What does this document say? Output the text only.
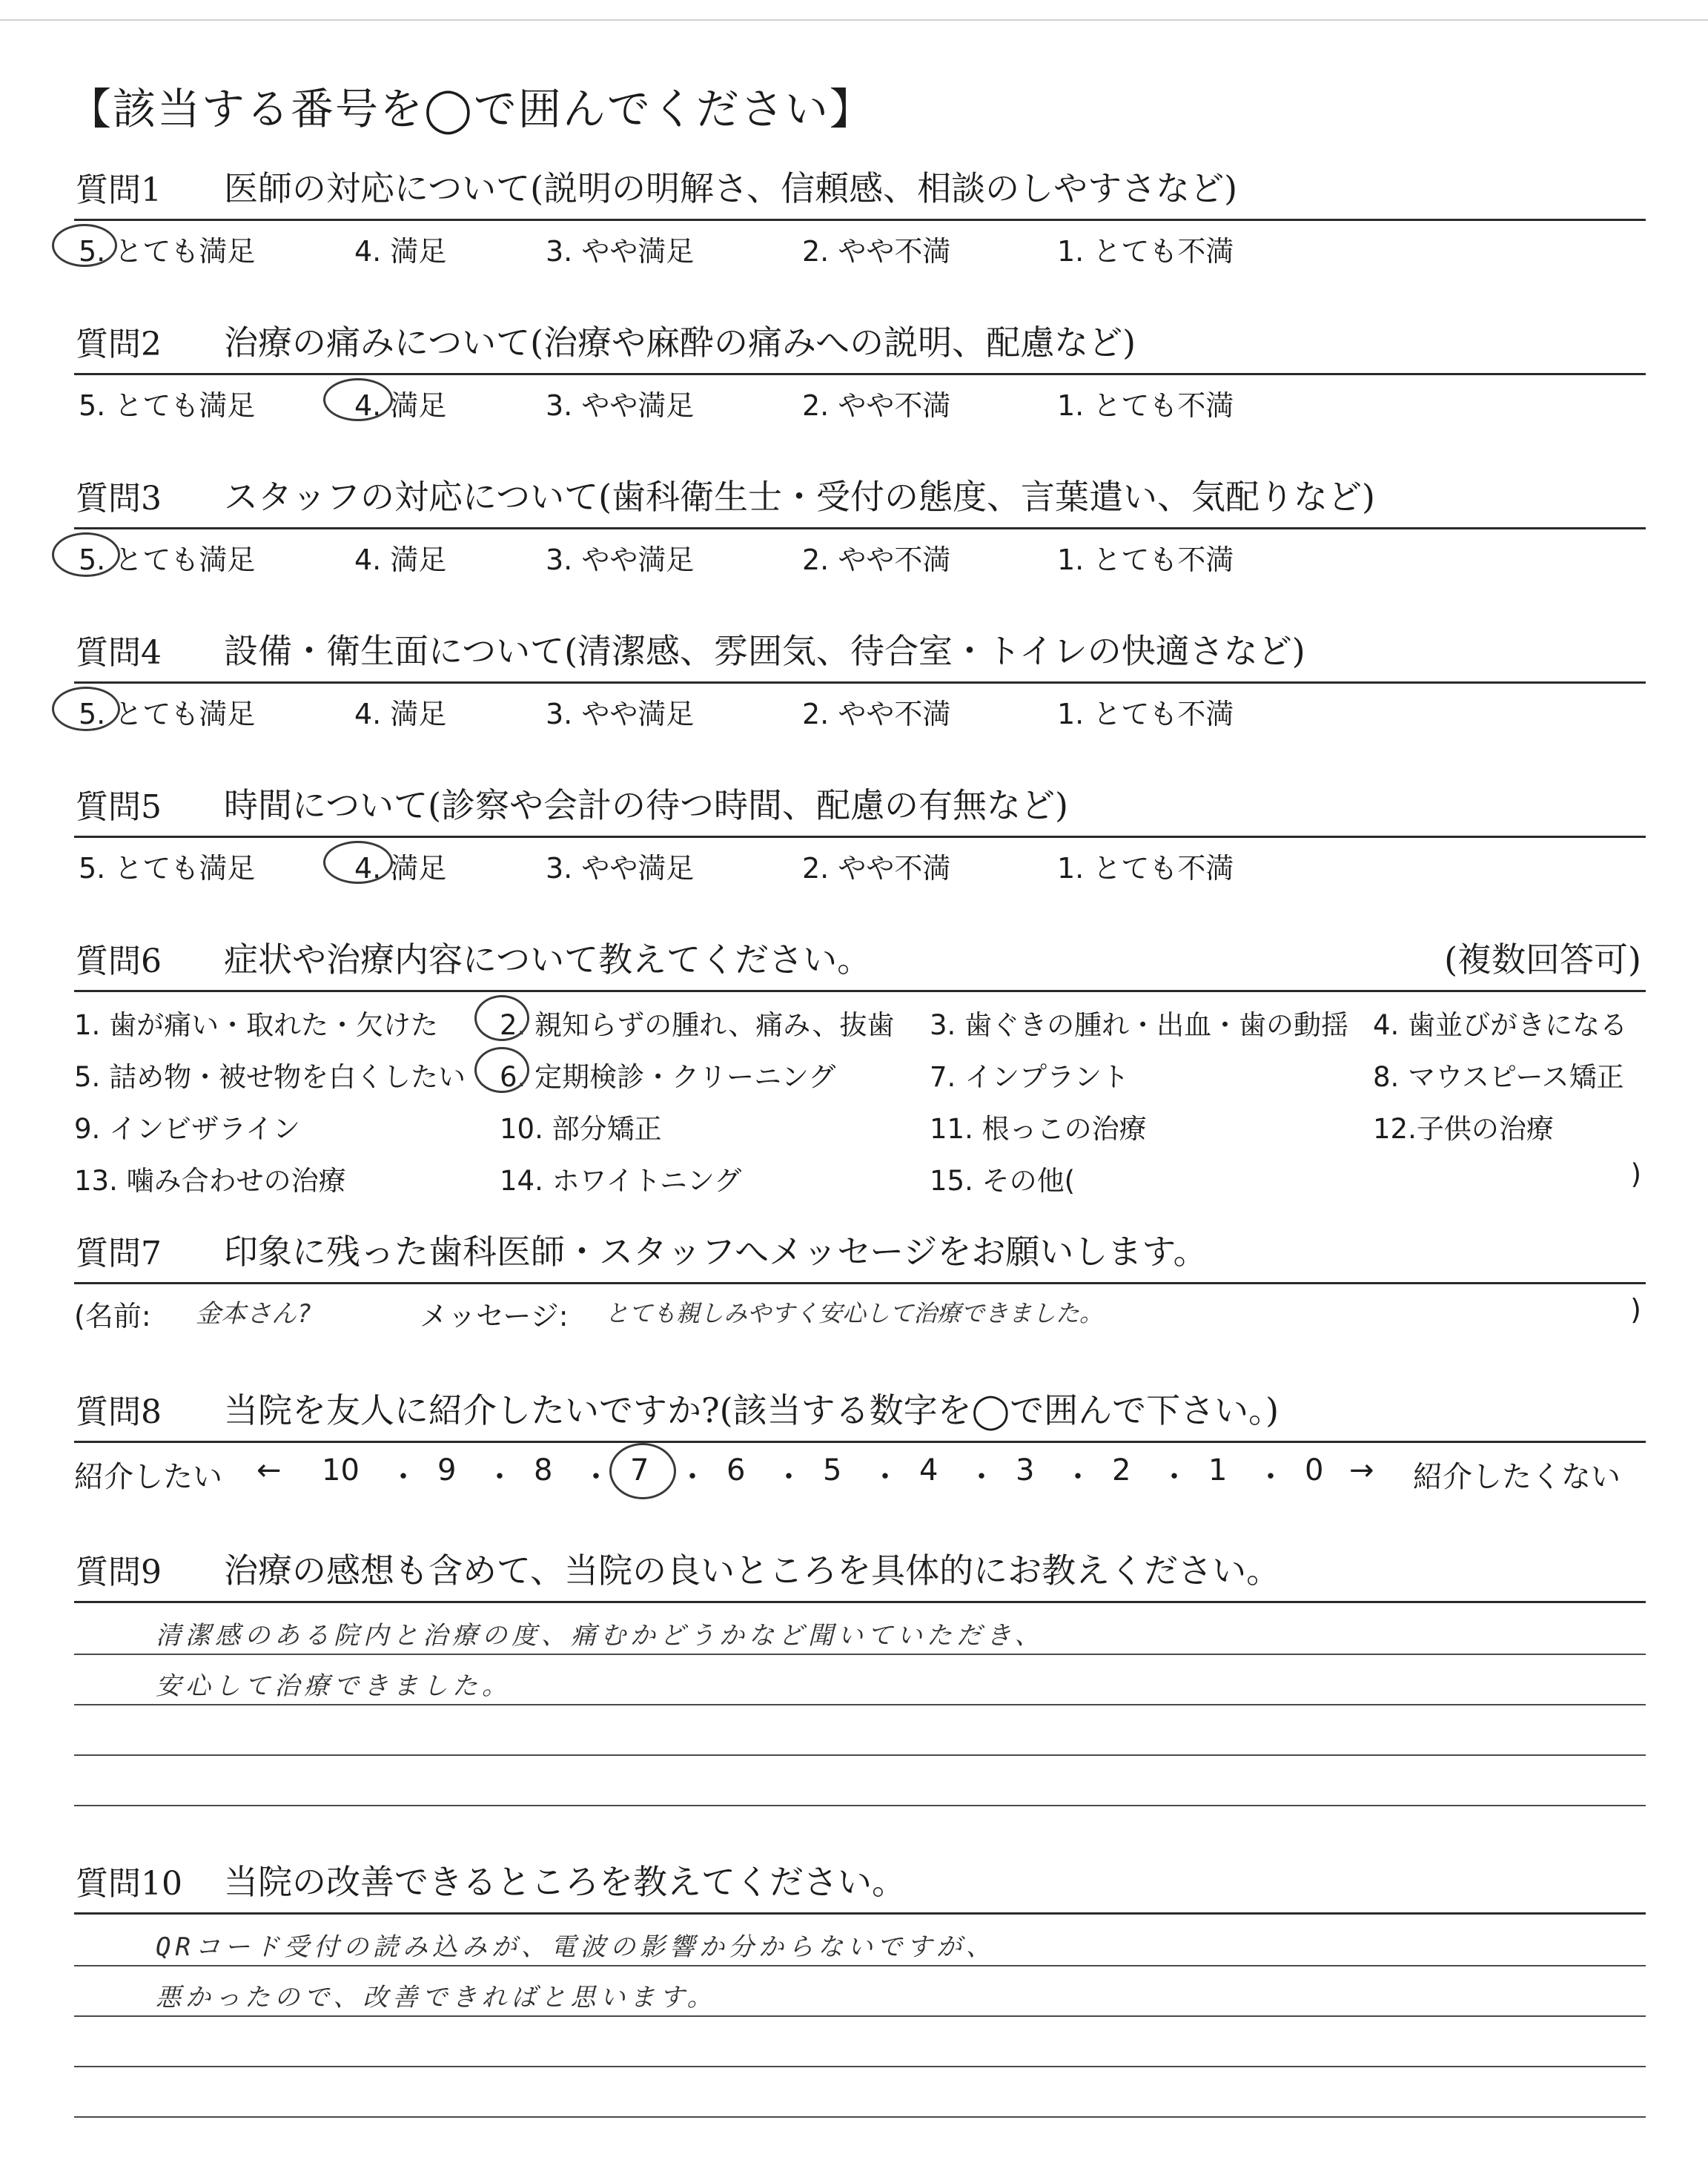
【該当する番号を◯で囲んでください】
質問1 医師の対応について(説明の明解さ、信頼感、相談のしやすさなど)
5. とても満足	4. 満足	3. やや満足	2. やや不満	1. とても不満
質問2 治療の痛みについて(治療や麻酔の痛みへの説明、配慮など)
5. とても満足	4. 満足	3. やや満足	2. やや不満	1. とても不満
質問3 スタッフの対応について(歯科衛生士・受付の態度、言葉遣い、気配りなど)
5. とても満足	4. 満足	3. やや満足	2. やや不満	1. とても不満
質問4 設備・衛生面について(清潔感、雰囲気、待合室・トイレの快適さなど)
5. とても満足	4. 満足	3. やや満足	2. やや不満	1. とても不満
質問5 時間について(診察や会計の待つ時間、配慮の有無など)
5. とても満足	4. 満足	3. やや満足	2. やや不満	1. とても不満
質問6 症状や治療内容について教えてください。	(複数回答可)
1. 歯が痛い・取れた・欠けた 2. 親知らずの腫れ、痛み、抜歯 3. 歯ぐきの腫れ・出血・歯の動揺 4. 歯並びがきになる
5. 詰め物・被せ物を白くしたい 6. 定期検診・クリーニング	7. インプラント	8. マウスピース矯正
9. インビザライン	10. 部分矯正	11. 根っこの治療	12.子供の治療
13. 噛み合わせの治療	14. ホワイトニング	15. その他(	)
質問7 印象に残った歯科医師・スタッフへメッセージをお願いします。
(名前: 金本さん?	メッセージ: とても親しみやすく安心して治療できました。	)
質問8 当院を友人に紹介したいですか?(該当する数字を◯で囲んで下さい。)
紹介したい ← 10 ・ 9 ・ 8 ・ 7 ・ 6 ・ 5 ・ 4 ・ 3 ・ 2 ・ 1 ・ 0 → 紹介したくない
質問9 治療の感想も含めて、当院の良いところを具体的にお教えください。
清潔感のある院内と治療の度、痛むかどうかなど聞いていただき、
安心して治療できました。
質問10 当院の改善できるところを教えてください。
QRコード受付の読み込みが、電波の影響か分からないですが、
悪かったので、改善できればと思います。
